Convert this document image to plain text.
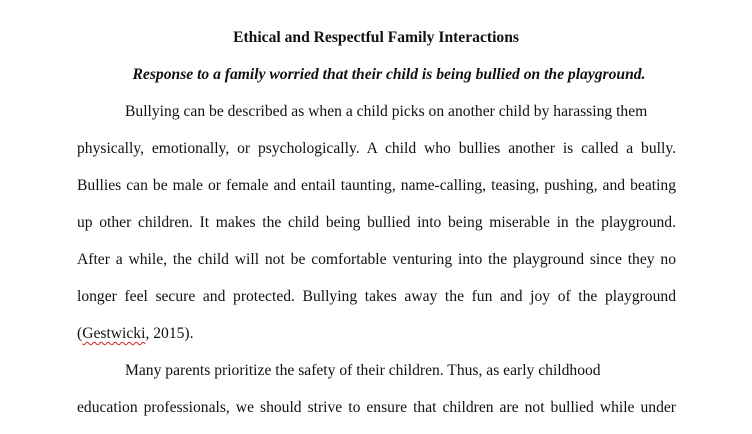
Ethical and Respectful Family Interactions
Response to a family worried that their child is being bullied on the playground.
Bullying can be described as when a child picks on another child by harassing them
physically, emotionally, or psychologically. A child who bullies another is called a bully.
Bullies can be male or female and entail taunting, name-calling, teasing, pushing, and beating
up other children. It makes the child being bullied into being miserable in the playground.
After a while, the child will not be comfortable venturing into the playground since they no
longer feel secure and protected. Bullying takes away the fun and joy of the playground
(Gestwicki, 2015).
Many parents prioritize the safety of their children. Thus, as early childhood
education professionals, we should strive to ensure that children are not bullied while under
